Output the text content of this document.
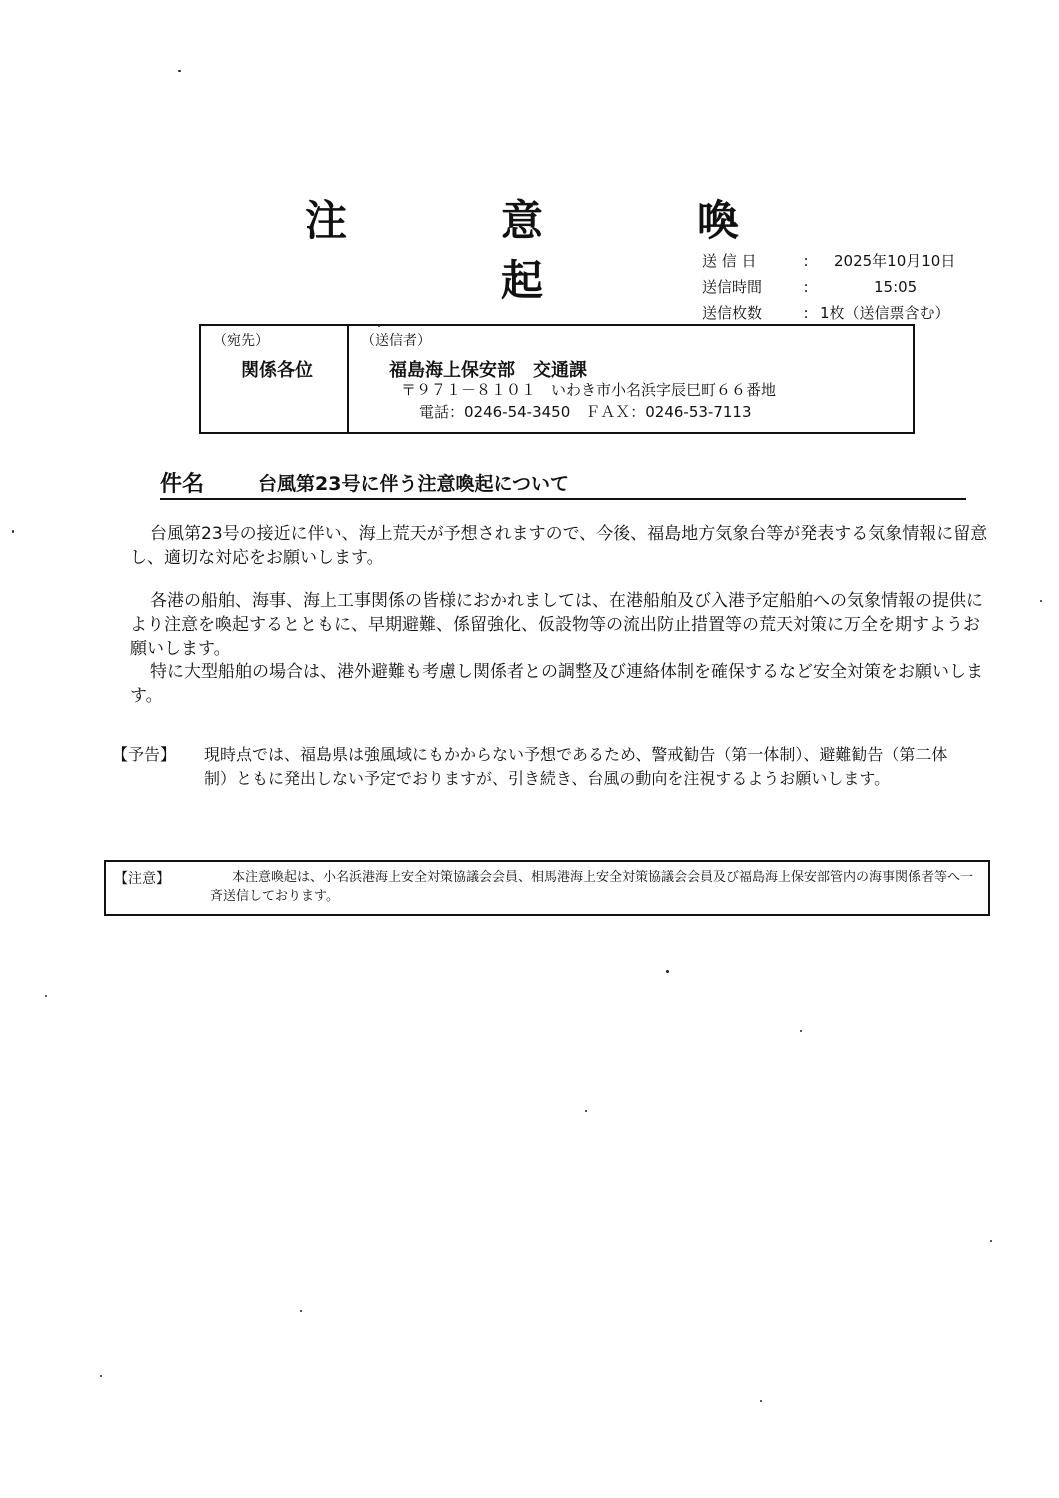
注　意　喚　起	送 信 日	:	2025年10月10日
送信時間	:	15:05
送信枚数	: 1枚（送信票含む）
（宛先）
関係各位
（送信者）
福島海上保安部　交通課
〒９７１－８１０１　いわき市小名浜字辰巳町６６番地
電話：0246-54-3450　ＦＡＸ：0246-53-7113
件名	台風第23号に伴う注意喚起について

台風第23号の接近に伴い、海上荒天が予想されますので、今後、福島地方気象台等が発表する気象情報に留意し、適切な対応をお願いします。

各港の船舶、海事、海上工事関係の皆様におかれましては、在港船舶及び入港予定船舶への気象情報の提供により注意を喚起するとともに、早期避難、係留強化、仮設物等の流出防止措置等の荒天対策に万全を期すようお願いします。

特に大型船舶の場合は、港外避難も考慮し関係者との調整及び連絡体制を確保するなど安全対策をお願いします。

【予告】	現時点では、福島県は強風域にもかからない予想であるため、警戒勧告（第一体制）、避難勧告（第二体制）ともに発出しない予定でおりますが、引き続き、台風の動向を注視するようお願いします。
【注意】	本注意喚起は、小名浜港海上安全対策協議会会員、相馬港海上安全対策協議会会員及び福島海上保安部管内の海事関係者等へ一斉送信しております。
